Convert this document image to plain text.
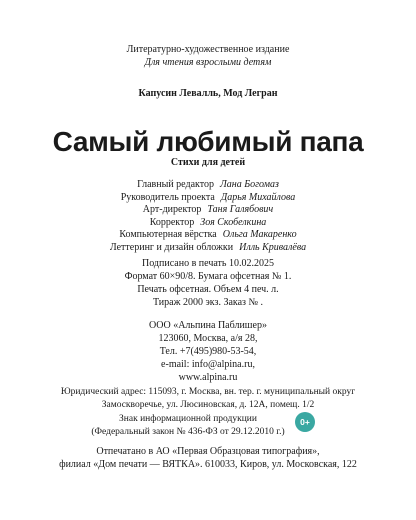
Литературно-художественное издание
Для чтения взрослыми детям
Капусин Левалль, Мод Легран
Самый любимый папа
Стихи для детей
Главный редактор Лана Богомаз
Руководитель проекта Дарья Михайлова
Арт-директор Таня Галябович
Корректор Зоя Скобелкина
Компьютерная вёрстка Ольга Макаренко
Леттеринг и дизайн обложки Илль Кривалёва
Подписано в печать 10.02.2025
Формат 60×90/8. Бумага офсетная № 1.
Печать офсетная. Объем 4 печ. л.
Тираж 2000 экз. Заказ № .
ООО «Альпина Паблишер»
123060, Москва, а/я 28,
Тел. +7(495)980-53-54,
e-mail: info@alpina.ru,
www.alpina.ru
Юридический адрес: 115093, г. Москва, вн. тер. г. муниципальный округ
Замоскворечье, ул. Люсиновская, д. 12А, помещ. 1/2
Знак информационной продукции
(Федеральный закон № 436-ФЗ от 29.12.2010 г.)
0+
Отпечатано в АО «Первая Образцовая типография»,
филиал «Дом печати — ВЯТКА». 610033, Киров, ул. Московская, 122
